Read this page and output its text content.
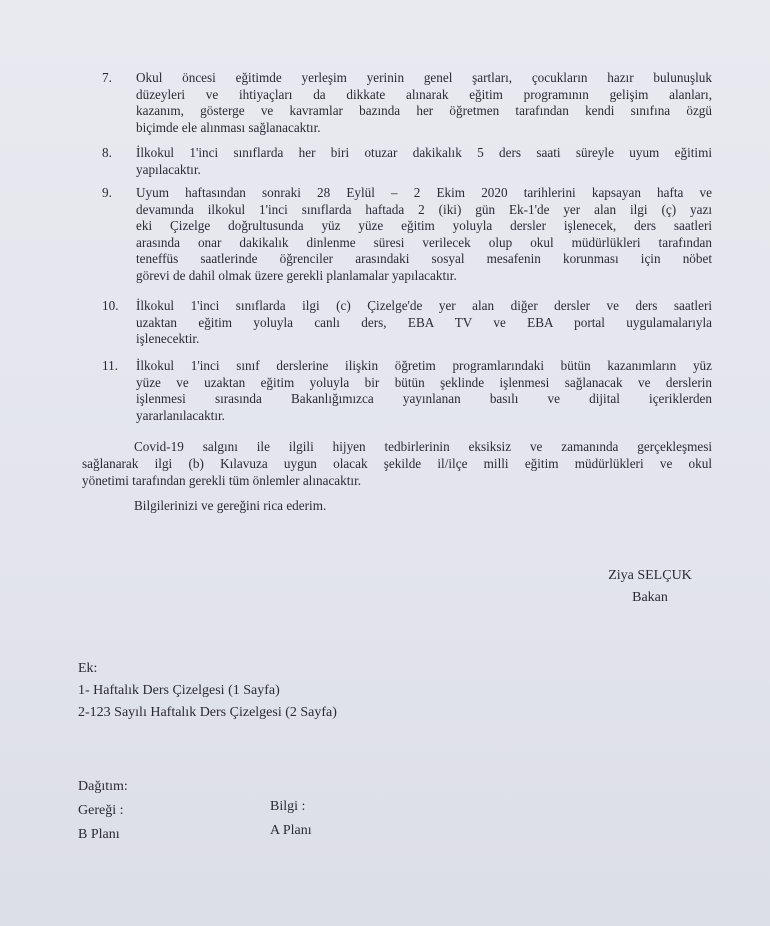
7. Okul öncesi eğitimde yerleşim yerinin genel şartları, çocukların hazır bulunuşluk
düzeyleri ve ihtiyaçları da dikkate alınarak eğitim programının gelişim alanları,
kazanım, gösterge ve kavramlar bazında her öğretmen tarafından kendi sınıfına özgü
biçimde ele alınması sağlanacaktır.
8. İlkokul 1'inci sınıflarda her biri otuzar dakikalık 5 ders saati süreyle uyum eğitimi
yapılacaktır.
9. Uyum haftasından sonraki 28 Eylül – 2 Ekim 2020 tarihlerini kapsayan hafta ve
devamında ilkokul 1'inci sınıflarda haftada 2 (iki) gün Ek-1'de yer alan ilgi (ç) yazı
eki Çizelge doğrultusunda yüz yüze eğitim yoluyla dersler işlenecek, ders saatleri
arasında onar dakikalık dinlenme süresi verilecek olup okul müdürlükleri tarafından
teneffüs saatlerinde öğrenciler arasındaki sosyal mesafenin korunması için nöbet
görevi de dahil olmak üzere gerekli planlamalar yapılacaktır.
10. İlkokul 1'inci sınıflarda ilgi (c) Çizelge'de yer alan diğer dersler ve ders saatleri
uzaktan eğitim yoluyla canlı ders, EBA TV ve EBA portal uygulamalarıyla
işlenecektir.
11. İlkokul 1'inci sınıf derslerine ilişkin öğretim programlarındaki bütün kazanımların yüz
yüze ve uzaktan eğitim yoluyla bir bütün şeklinde işlenmesi sağlanacak ve derslerin
işlenmesi sırasında Bakanlığımızca yayınlanan basılı ve dijital içeriklerden
yararlanılacaktır.
Covid-19 salgını ile ilgili hijyen tedbirlerinin eksiksiz ve zamanında gerçekleşmesi
sağlanarak ilgi (b) Kılavuza uygun olacak şekilde il/ilçe milli eğitim müdürlükleri ve okul
yönetimi tarafından gerekli tüm önlemler alınacaktır.
Bilgilerinizi ve gereğini rica ederim.
Ziya SELÇUK
Bakan
Ek:
1- Haftalık Ders Çizelgesi (1 Sayfa)
2-123 Sayılı Haftalık Ders Çizelgesi (2 Sayfa)
Dağıtım:
Gereği :
B Planı
Bilgi :
A Planı
